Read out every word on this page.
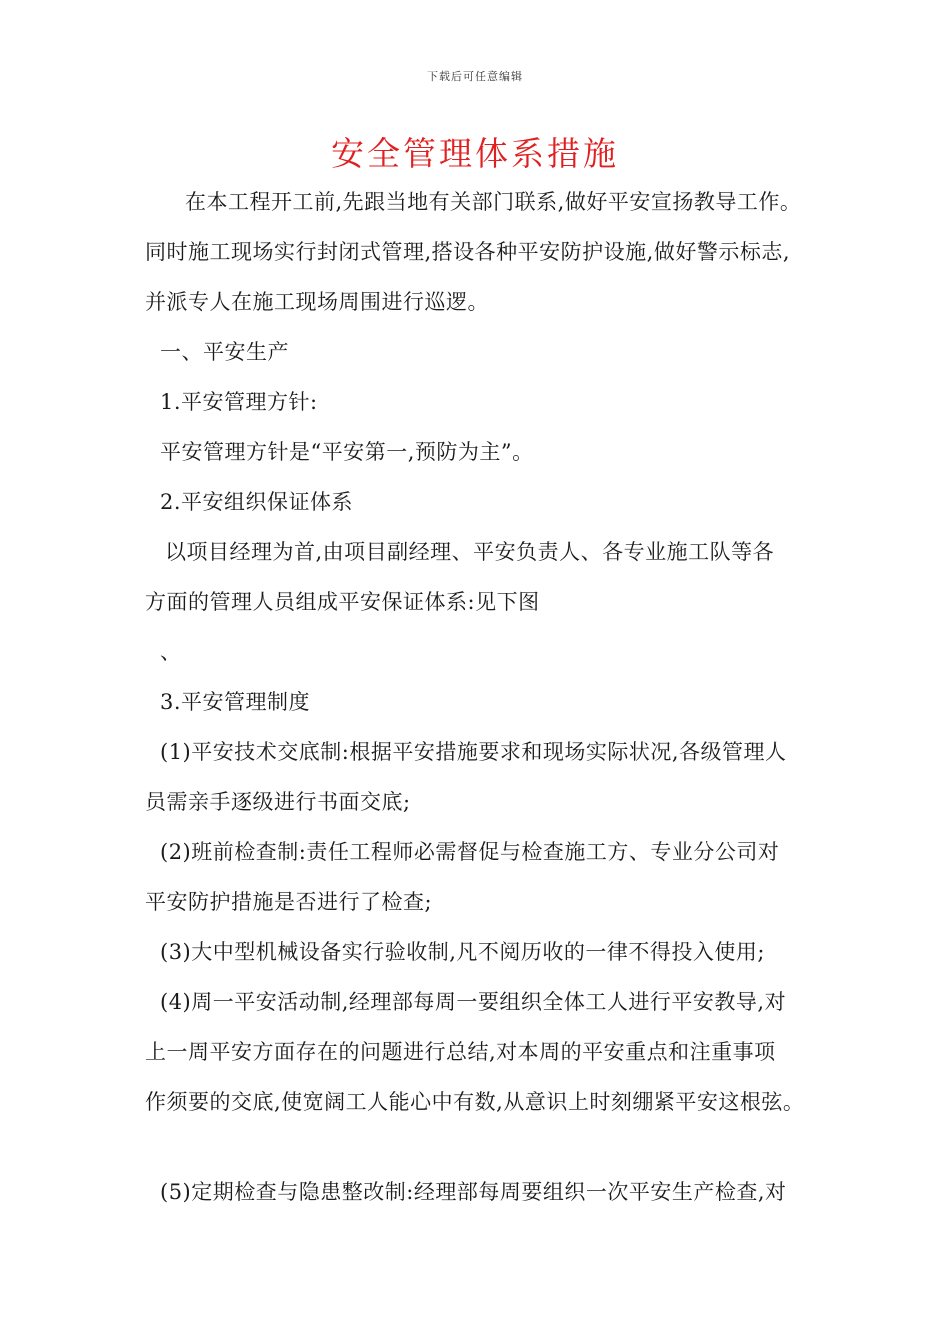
下载后可任意编辑
安全管理体系措施
在本工程开工前,先跟当地有关部门联系,做好平安宣扬教导工作。
同时施工现场实行封闭式管理,搭设各种平安防护设施,做好警示标志,
并派专人在施工现场周围进行巡逻。
一、平安生产
1.平安管理方针:
平安管理方针是“平安第一,预防为主”。
2.平安组织保证体系
以项目经理为首,由项目副经理、平安负责人、各专业施工队等各
方面的管理人员组成平安保证体系:见下图
、
3.平安管理制度
(1)平安技术交底制:根据平安措施要求和现场实际状况,各级管理人
员需亲手逐级进行书面交底;
(2)班前检查制:责任工程师必需督促与检查施工方、专业分公司对
平安防护措施是否进行了检查;
(3)大中型机械设备实行验收制,凡不阅历收的一律不得投入使用;
(4)周一平安活动制,经理部每周一要组织全体工人进行平安教导,对
上一周平安方面存在的问题进行总结,对本周的平安重点和注重事项
作须要的交底,使宽阔工人能心中有数,从意识上时刻绷紧平安这根弦。
(5)定期检查与隐患整改制:经理部每周要组织一次平安生产检查,对
